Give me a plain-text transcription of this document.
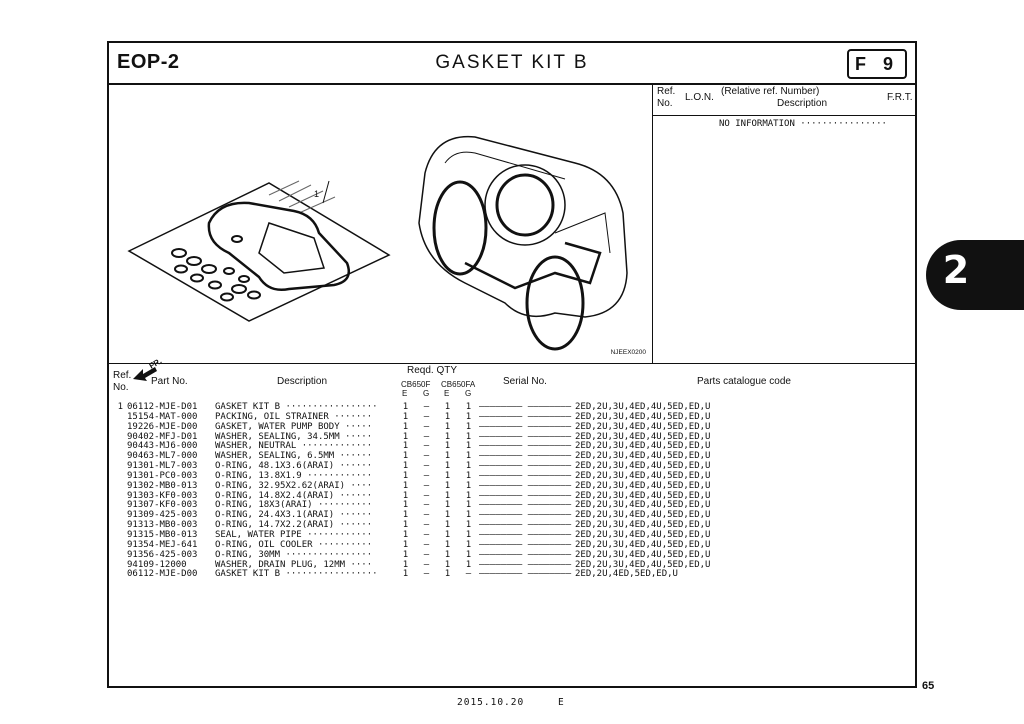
EOP-2	GASKET KIT B	F 9
1
FR.
NJEEX0200
Ref.
No.
L.O.N.
(Relative ref. Number)
Description
F.R.T.
NO INFORMATION ················
Ref.
No.
Part No.	Description
Reqd. QTY
CB650F CB650FA
E G E G
Serial No.	Parts catalogue code
1 06112-MJE-D01 GASKET KIT B ·················	1 – 1 1 –––––––– –––––––– 2ED,2U,3U,4ED,4U,5ED,ED,U
15154-MAT-000 PACKING, OIL STRAINER ·······	1 – 1 1 –––––––– –––––––– 2ED,2U,3U,4ED,4U,5ED,ED,U
19226-MJE-D00 GASKET, WATER PUMP BODY ·····	1 – 1 1 –––––––– –––––––– 2ED,2U,3U,4ED,4U,5ED,ED,U
90402-MFJ-D01 WASHER, SEALING, 34.5MM ·····	1 – 1 1 –––––––– –––––––– 2ED,2U,3U,4ED,4U,5ED,ED,U
90443-MJ6-000 WASHER, NEUTRAL ·············	1 – 1 1 –––––––– –––––––– 2ED,2U,3U,4ED,4U,5ED,ED,U
90463-ML7-000 WASHER, SEALING, 6.5MM ······	1 – 1 1 –––––––– –––––––– 2ED,2U,3U,4ED,4U,5ED,ED,U
91301-ML7-003 O-RING, 48.1X3.6(ARAI) ······	1 – 1 1 –––––––– –––––––– 2ED,2U,3U,4ED,4U,5ED,ED,U
91301-PC0-003 O-RING, 13.8X1.9 ············	1 – 1 1 –––––––– –––––––– 2ED,2U,3U,4ED,4U,5ED,ED,U
91302-MB0-013 O-RING, 32.95X2.62(ARAI) ····	1 – 1 1 –––––––– –––––––– 2ED,2U,3U,4ED,4U,5ED,ED,U
91303-KF0-003 O-RING, 14.8X2.4(ARAI) ······	1 – 1 1 –––––––– –––––––– 2ED,2U,3U,4ED,4U,5ED,ED,U
91307-KF0-003 O-RING, 18X3(ARAI) ··········	1 – 1 1 –––––––– –––––––– 2ED,2U,3U,4ED,4U,5ED,ED,U
91309-425-003 O-RING, 24.4X3.1(ARAI) ······	1 – 1 1 –––––––– –––––––– 2ED,2U,3U,4ED,4U,5ED,ED,U
91313-MB0-003 O-RING, 14.7X2.2(ARAI) ······	1 – 1 1 –––––––– –––––––– 2ED,2U,3U,4ED,4U,5ED,ED,U
91315-MB0-013 SEAL, WATER PIPE ············	1 – 1 1 –––––––– –––––––– 2ED,2U,3U,4ED,4U,5ED,ED,U
91354-MEJ-641 O-RING, OIL COOLER ··········	1 – 1 1 –––––––– –––––––– 2ED,2U,3U,4ED,4U,5ED,ED,U
91356-425-003 O-RING, 30MM ················	1 – 1 1 –––––––– –––––––– 2ED,2U,3U,4ED,4U,5ED,ED,U
94109-12000	WASHER, DRAIN PLUG, 12MM ····	1 – 1 1 –––––––– –––––––– 2ED,2U,3U,4ED,4U,5ED,ED,U
06112-MJE-D00 GASKET KIT B ·················	1 – 1 – –––––––– –––––––– 2ED,2U,4ED,5ED,ED,U
2
65
2015.10.20	E
